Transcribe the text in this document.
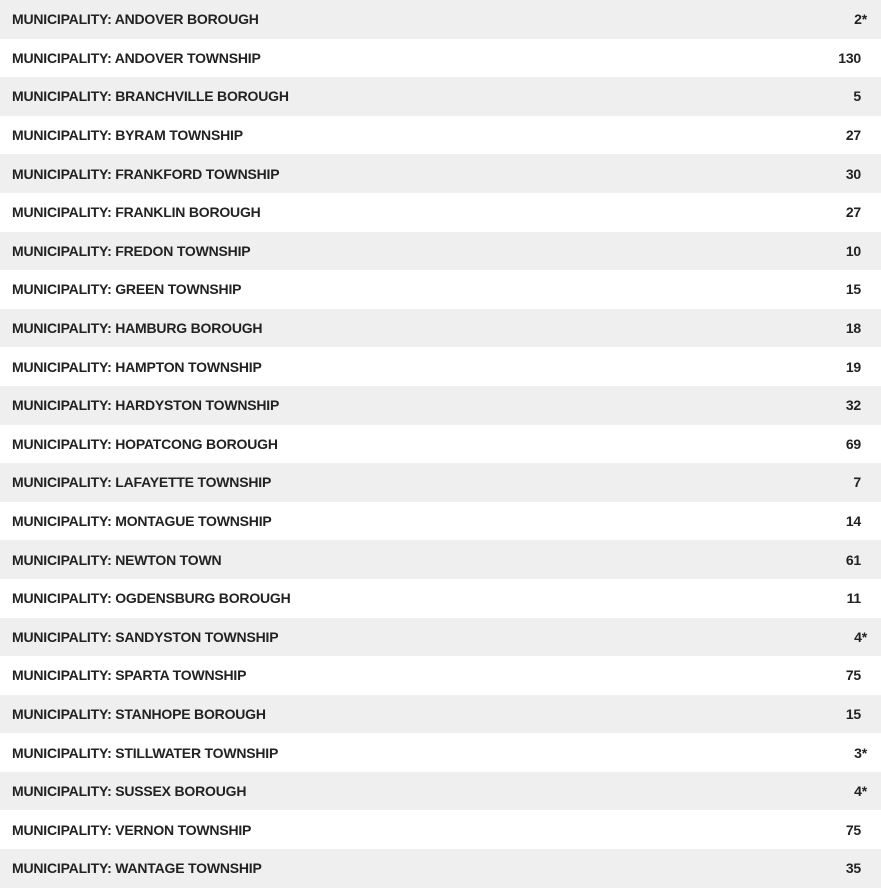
MUNICIPALITY: ANDOVER BOROUGH	2*
MUNICIPALITY: ANDOVER TOWNSHIP	130
MUNICIPALITY: BRANCHVILLE BOROUGH	5
MUNICIPALITY: BYRAM TOWNSHIP	27
MUNICIPALITY: FRANKFORD TOWNSHIP	30
MUNICIPALITY: FRANKLIN BOROUGH	27
MUNICIPALITY: FREDON TOWNSHIP	10
MUNICIPALITY: GREEN TOWNSHIP	15
MUNICIPALITY: HAMBURG BOROUGH	18
MUNICIPALITY: HAMPTON TOWNSHIP	19
MUNICIPALITY: HARDYSTON TOWNSHIP	32
MUNICIPALITY: HOPATCONG BOROUGH	69
MUNICIPALITY: LAFAYETTE TOWNSHIP	7
MUNICIPALITY: MONTAGUE TOWNSHIP	14
MUNICIPALITY: NEWTON TOWN	61
MUNICIPALITY: OGDENSBURG BOROUGH	11
MUNICIPALITY: SANDYSTON TOWNSHIP	4*
MUNICIPALITY: SPARTA TOWNSHIP	75
MUNICIPALITY: STANHOPE BOROUGH	15
MUNICIPALITY: STILLWATER TOWNSHIP	3*
MUNICIPALITY: SUSSEX BOROUGH	4*
MUNICIPALITY: VERNON TOWNSHIP	75
MUNICIPALITY: WANTAGE TOWNSHIP	35
